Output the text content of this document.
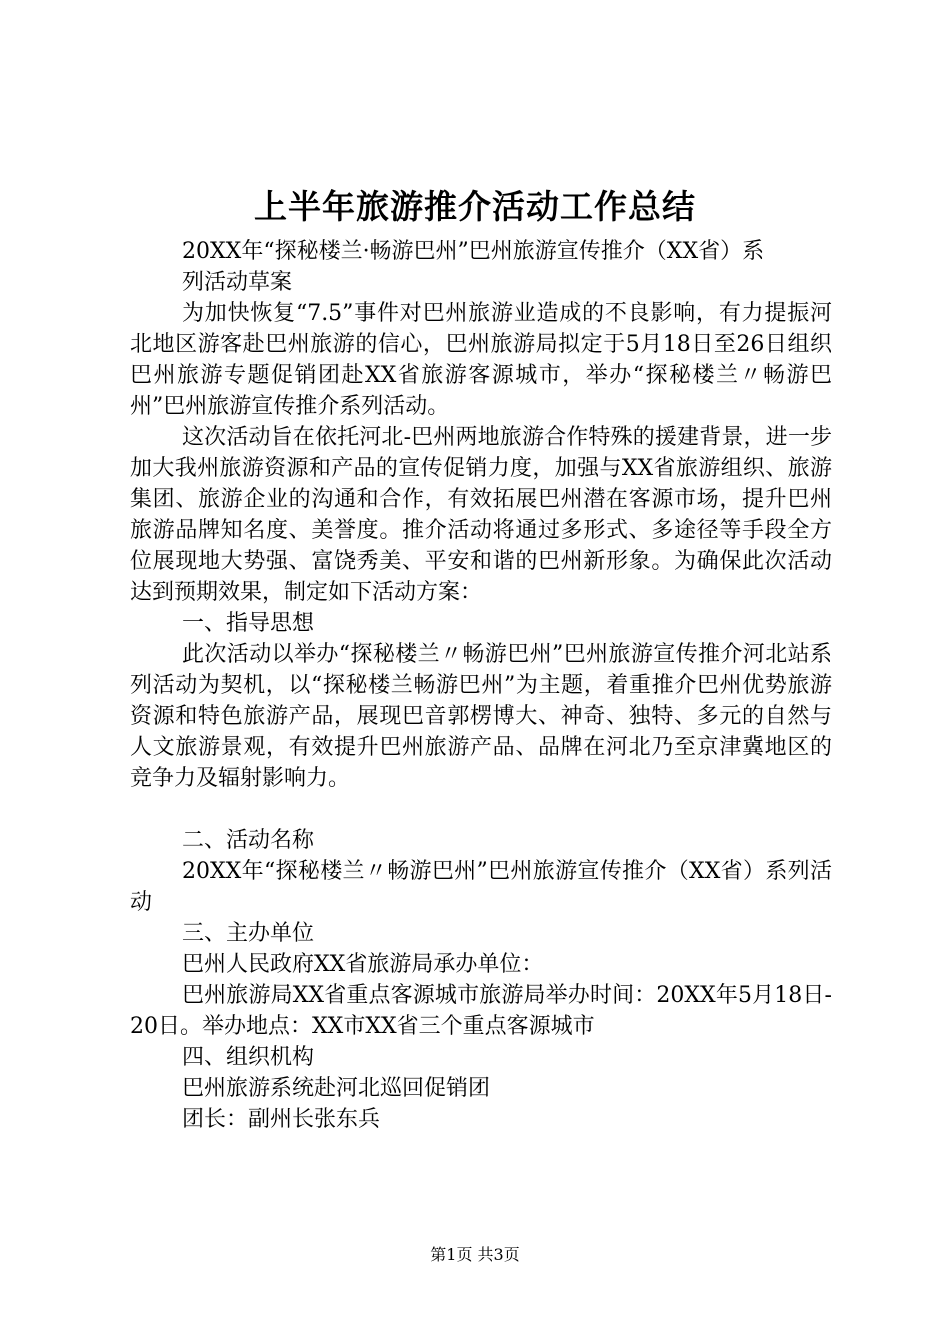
上半年旅游推介活动工作总结

20XX年“探秘楼兰·畅游巴州”巴州旅游宣传推介（XX省）系

列活动草案

为加快恢复“7.5”事件对巴州旅游业造成的不良影响，有力提振河北地区游客赴巴州旅游的信心，巴州旅游局拟定于5月18日至26日组织巴州旅游专题促销团赴XX省旅游客源城市，举办“探秘楼兰〃畅游巴州”巴州旅游宣传推介系列活动。

这次活动旨在依托河北-巴州两地旅游合作特殊的援建背景，进一步加大我州旅游资源和产品的宣传促销力度，加强与XX省旅游组织、旅游集团、旅游企业的沟通和合作，有效拓展巴州潜在客源市场，提升巴州旅游品牌知名度、美誉度。推介活动将通过多形式、多途径等手段全方位展现地大势强、富饶秀美、平安和谐的巴州新形象。为确保此次活动达到预期效果，制定如下活动方案：

一、指导思想

此次活动以举办“探秘楼兰〃畅游巴州”巴州旅游宣传推介河北站系列活动为契机，以“探秘楼兰畅游巴州”为主题，着重推介巴州优势旅游资源和特色旅游产品，展现巴音郭楞博大、神奇、独特、多元的自然与人文旅游景观，有效提升巴州旅游产品、品牌在河北乃至京津冀地区的竞争力及辐射影响力。

二、活动名称

20XX年“探秘楼兰〃畅游巴州”巴州旅游宣传推介（XX省）系列活动

三、主办单位

巴州人民政府XX省旅游局承办单位：

巴州旅游局XX省重点客源城市旅游局举办时间：20XX年5月18日-20日。举办地点：XX市XX省三个重点客源城市

四、组织机构

巴州旅游系统赴河北巡回促销团

团长：副州长张东兵

第1页 共3页
